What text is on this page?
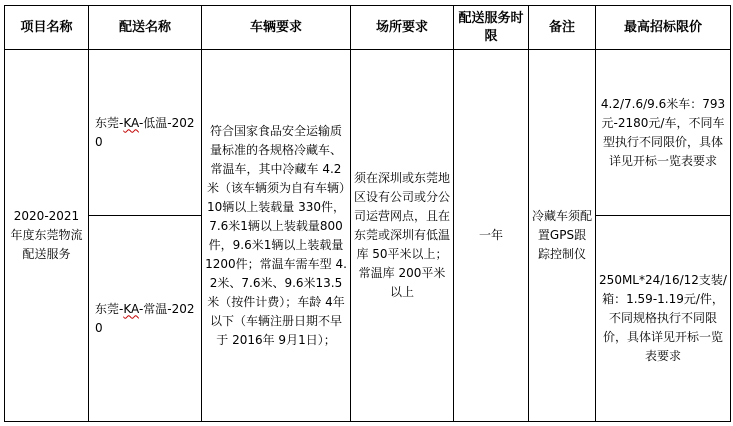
项目名称	配送名称	车辆要求	场所要求	配送服务时限	备注	最高招标限价
2020-2021年度东莞物流配送服务	东莞-KA-低温-2020	符合国家食品安全运输质量标准的各规格冷藏车、常温车，其中冷藏车 4.2米（该车辆须为自有车辆）10辆以上装载量 330件，7.6米1辆以上装载量800件，9.6米1辆以上装载量1200件；常温车需车型 4.2米、7.6米、9.6米13.5米（按件计费）；车龄 4年以下（车辆注册日期不早于 2016年 9月1日）；	须在深圳或东莞地区设有公司或分公司运营网点，且在东莞或深圳有低温库 50平米以上；常温库 200平米以上	一年	冷藏车须配置GPS跟踪控制仪	4.2/7.6/9.6米车：793元-2180元/车，不同车型执行不同限价，具体详见开标一览表要求
	东莞-KA-常温-2020					250ML*24/16/12支装/箱：1.59-1.19元/件，不同规格执行不同限价，具体详见开标一览表要求
